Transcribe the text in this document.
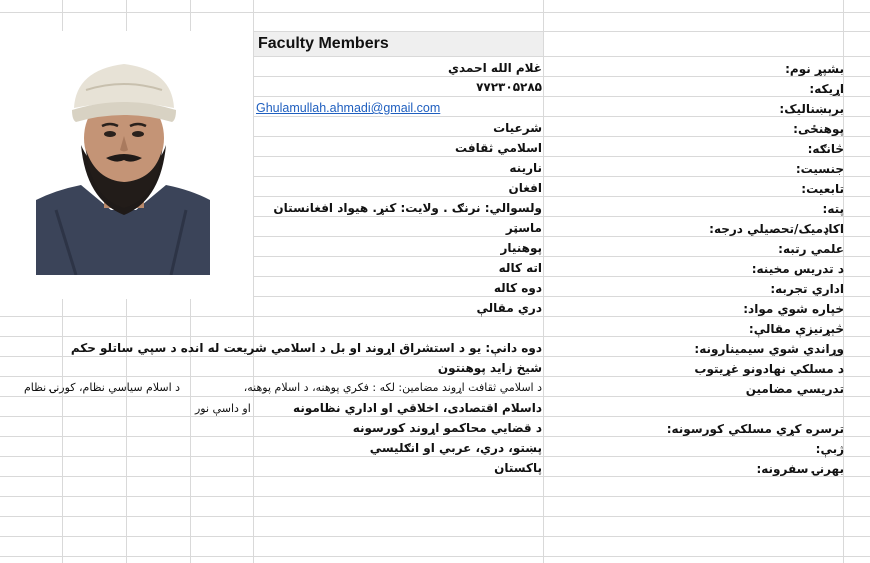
Faculty Members
غلام الله احمدي
۷۷۲۳۰۵۲۸۵
Ghulamullah.ahmadi@gmail.com
شرعیات
اسلامي ثقافت
نارینه
افغان
ولسوالي: نرنګ . ولايت: کنړ. هيواد افغانستان
ماسټر
پوهنيار
اته کاله
دوه کاله
دري مقالې
دوه دانې: يو د استشراق اړوند او بل د اسلامي شريعت له انده د سپي ساتلو حکم
شيخ زايد پوهنتون
د اسلامي ثقافت اړوند مضامين: لکه : فکري پوهنه، د اسلام پوهنه،
د اسلام سياسي نظام، کورنۍ نظام
داسلام اقتصادی، اخلاقي او اداري نظامونه
او داسې نور
د قضايي محاکمو اړوند کورسونه
پښتو، دري، عربي او انګليسي
پاکستان
بشپړ نوم:
اړيکه:
برېښناليک:
پوهنځی:
څانګه:
جنسيت:
تابعيت:
پته:
اکاډميک/تحصيلي درجه:
علمي رتبه:
د تدريس مخينه:
اداري تجربه:
خپاره شوي مواد:
څېړنيزې مقالې:
وړاندي شوي سيمينارونه:
د مسلکي نهادونو غړيتوب
تدريسي مضامين
ترسره کړي مسلکي کورسونه:
ژبې:
بهرنۍ سفرونه:
